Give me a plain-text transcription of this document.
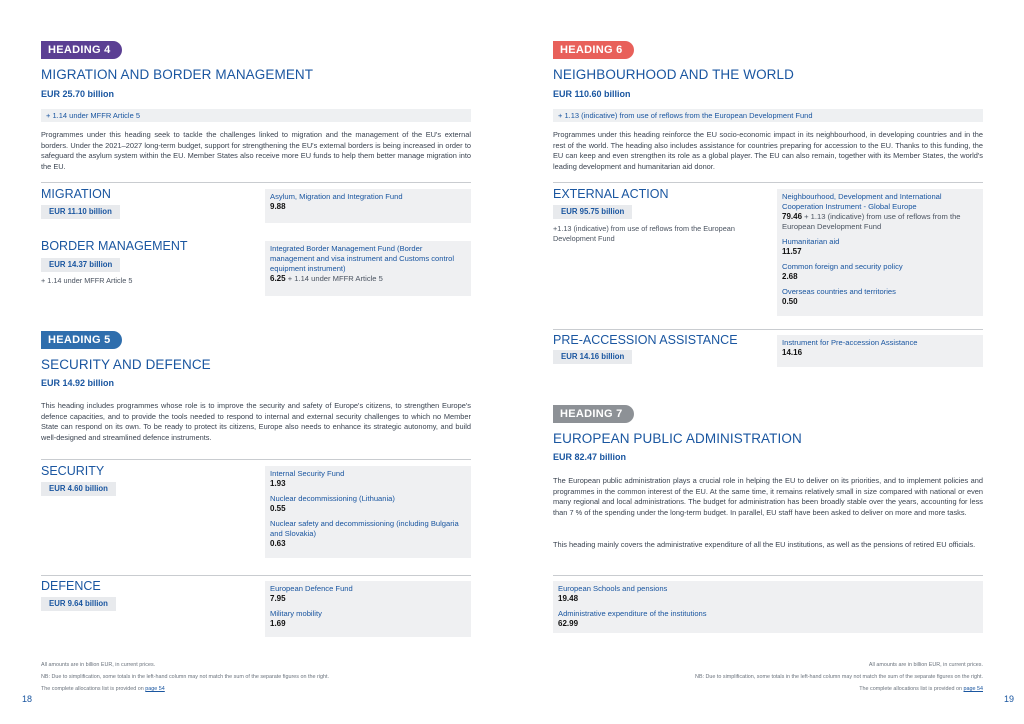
HEADING 4
MIGRATION AND BORDER MANAGEMENT
EUR 25.70 billion
+ 1.14 under MFFR Article 5
Programmes under this heading seek to tackle the challenges linked to migration and the management of the EU's external borders. Under the 2021–2027 long-term budget, support for strengthening the EU's external borders is being increased in order to safeguard the asylum system within the EU. Member States also receive more EU funds to help them better manage migration into the EU.
MIGRATION
EUR 11.10 billion
Asylum, Migration and Integration Fund
9.88
BORDER MANAGEMENT
EUR 14.37 billion
+ 1.14 under MFFR Article 5
Integrated Border Management Fund (Border management and visa instrument and Customs control equipment instrument)
6.25 + 1.14 under MFFR Article 5
HEADING 5
SECURITY AND DEFENCE
EUR 14.92 billion
This heading includes programmes whose role is to improve the security and safety of Europe's citizens, to strengthen Europe's defence capacities, and to provide the tools needed to respond to internal and external security challenges to which no Member State can respond on its own. To be ready to protect its citizens, Europe also needs to enhance its strategic autonomy, and build well-designed and streamlined defence instruments.
SECURITY
EUR 4.60 billion
Internal Security Fund
1.93
Nuclear decommissioning (Lithuania)
0.55
Nuclear safety and decommissioning (including Bulgaria and Slovakia)
0.63
DEFENCE
EUR 9.64 billion
European Defence Fund
7.95
Military mobility
1.69
All amounts are in billion EUR, in current prices.
NB: Due to simplification, some totals in the left-hand column may not match the sum of the separate figures on the right.
The complete allocations list is provided on page 54
18
HEADING 6
NEIGHBOURHOOD AND THE WORLD
EUR 110.60 billion
+ 1.13 (indicative) from use of reflows from the European Development Fund
Programmes under this heading reinforce the EU socio-economic impact in its neighbourhood, in developing countries and in the rest of the world. The heading also includes assistance for countries preparing for accession to the EU. Thanks to this funding, the EU can keep and even strengthen its role as a global player. The EU can also remain, together with its Member States, the world's leading development and humanitarian aid donor.
EXTERNAL ACTION
EUR 95.75 billion
+1.13 (indicative) from use of reflows from the European Development Fund
Neighbourhood, Development and International Cooperation Instrument - Global Europe
79.46 + 1.13 (indicative) from use of reflows from the European Development Fund
Humanitarian aid
11.57
Common foreign and security policy
2.68
Overseas countries and territories
0.50
PRE-ACCESSION ASSISTANCE
EUR 14.16 billion
Instrument for Pre-accession Assistance
14.16
HEADING 7
EUROPEAN PUBLIC ADMINISTRATION
EUR 82.47 billion
The European public administration plays a crucial role in helping the EU to deliver on its priorities, and to implement policies and programmes in the common interest of the EU. At the same time, it remains relatively small in size compared with national or even many regional and local administrations. The budget for administration has been broadly stable over the years, accounting for less than 7 % of the spending under the long-term budget. In parallel, EU staff have been asked to deliver on more and more tasks.
This heading mainly covers the administrative expenditure of all the EU institutions, as well as the pensions of retired EU officials.
European Schools and pensions
19.48
Administrative expenditure of the institutions
62.99
All amounts are in billion EUR, in current prices.
NB: Due to simplification, some totals in the left-hand column may not match the sum of the separate figures on the right.
The complete allocations list is provided on page 54
19
